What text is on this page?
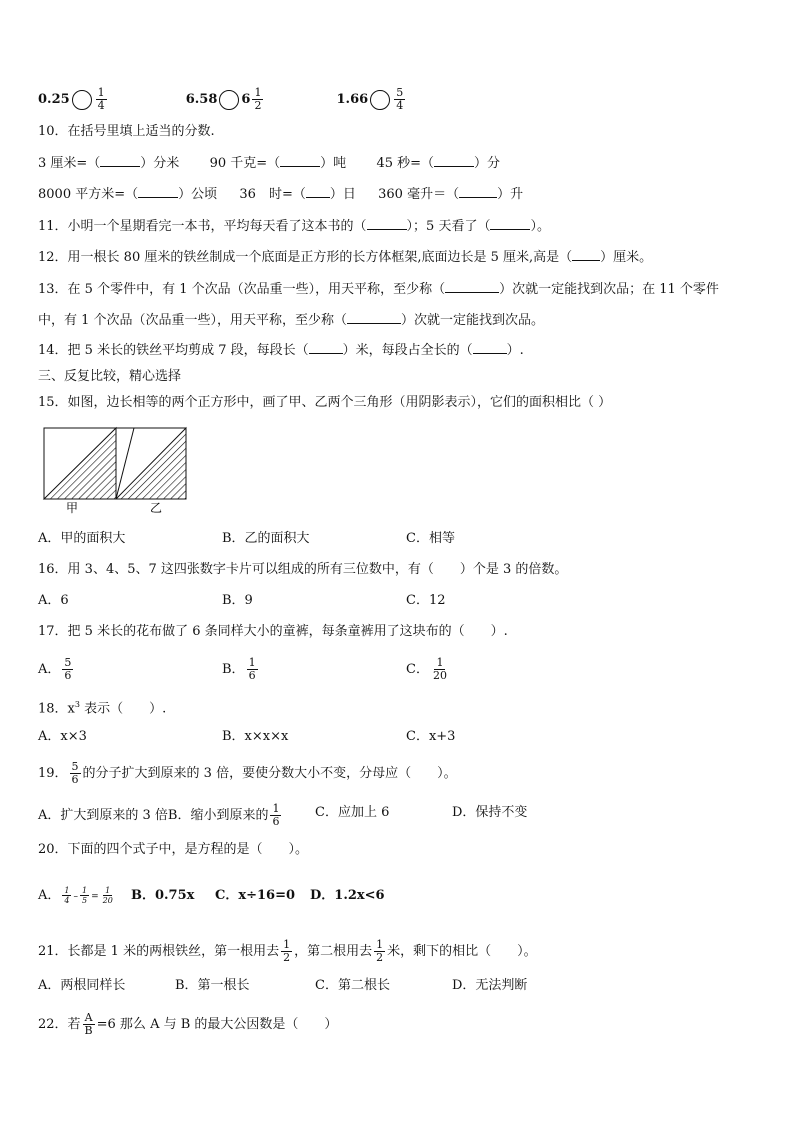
$0.25 \frac{1}{4}$	6.58 $6 \frac{1}{2}$	$1.66 \frac{5}{4}$
10．在括号里填上适当的分数.
3 厘米=（	）分米 90 千克=（	）吨 45 秒=（	）分
8000 平方米=（	）公顷 36　时=（ ）日 360 毫升＝（	）升
11．小明一个星期看完一本书，平均每天看了这本书的（	）；5 天看了（	）。
12．用一根长 80 厘米的铁丝制成一个底面是正方形的长方体框架,底面边长是 5 厘米,高是（ ）厘米。
13．在 5 个零件中，有 1 个次品（次品重一些），用天平称，至少称（	）次就一定能找到次品；在 11 个零件
中，有 1 个次品（次品重一些），用天平称，至少称（	）次就一定能找到次品。
14．把 5 米长的铁丝平均剪成 7 段，每段长（	）米，每段占全长的（	）.
三、反复比较，精心选择
15．如图，边长相等的两个正方形中，画了甲、乙两个三角形（用阴影表示），它们的面积相比（ ）
甲	乙
A．甲的面积大	B．乙的面积大	C．相等
16．用 3、4、5、7 这四张数字卡片可以组成的所有三位数中，有（　　）个是 3 的倍数。
A．6	B．9	C．12
17．把 5 米长的花布做了 6 条同样大小的童裤，每条童裤用了这块布的（　　）.
A． $\frac{5}{6}$	B． $\frac{1}{6}$	C． $\frac{1}{20}$
18．$x^3$ 表示（　　）.
A．x×3	B．x×x×x	C．x+3
19． $\frac{5}{6}$ 的分子扩大到原来的 3 倍，要使分数大小不变，分母应（　　）。
A．扩大到原来的 3 倍B．缩小到原来的 $\frac{1}{6}$	C．应加上 6	D．保持不变
20．下面的四个式子中，是方程的是（　　）。
A． $\frac{1}{4} - \frac{1}{5} = \frac{1}{20}$ B．0.75x C．x÷16=0 D．1.2x<6
21．长都是 1 米的两根铁丝，第一根用去 $\frac{1}{2}$ ，第二根用去 $\frac{1}{2}$ 米，剩下的相比（　　）。
A．两根同样长	B．第一根长	C．第二根长	D．无法判断
22．若 $\frac{A}{B} =6$ 那么 A 与 B 的最大公因数是（　　）
